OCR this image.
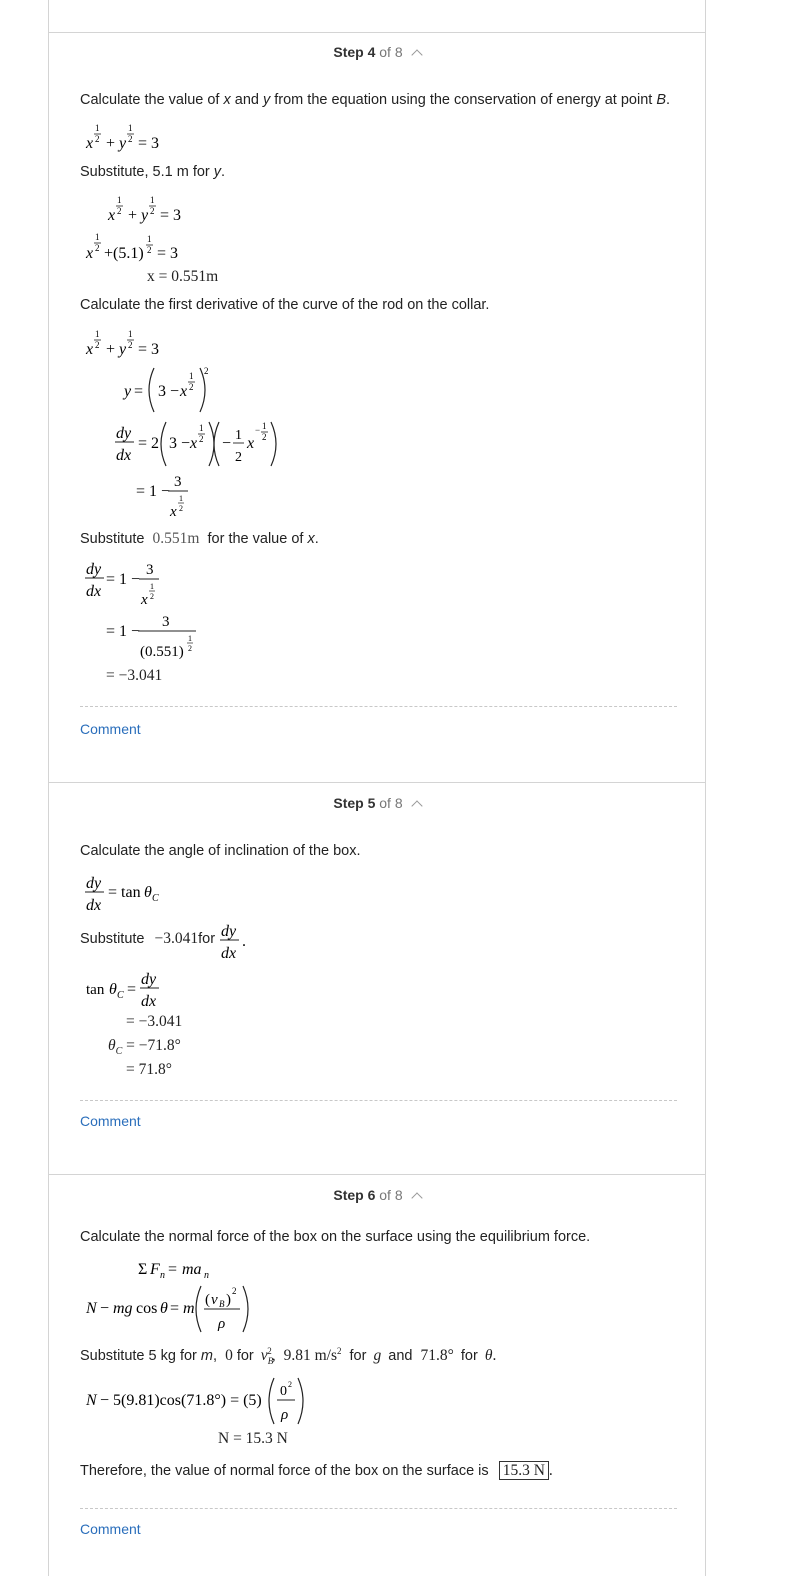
Step 4 of 8
Calculate the value of x and y from the equation using the conservation of energy at point B.
x
1
2 + y
1
2 = 3
Substitute, 5.1 m for y.
x
1
2 + y
1
2 = 3
x
1
2 +(5.1)
1
2 = 3
x = 0.551m
Calculate the first derivative of the curve of the rod on the collar.
x
1
2 + y
1
2 = 3
y = 3 − x
1
2
2
dy
dx
= 2 3 − x
1
2 − 1
2
x
− 1
2
= 1 −
3
x
1
2
Substitute 0.551m for the value of x.
dy
dx
= 1 −
3
x
1
2
= 1 −
3
(0.551)
1
2
= −3.041
Comment
Step 5 of 8
Calculate the angle of inclination of the box.
dy
dx
= tan θ C
Substitute −3.041for dy
dx
.
tan θ C =
dy
dx
= −3.041
$\theta_C = -71.8^\circ$
= 71.8°
Comment
Step 6 of 8
Calculate the normal force of the box on the surface using the equilibrium force.
Σ F n = ma n
N − mg cos θ = m ( v B )
2
ρ
Substitute 5 kg for m, 0 for $v_B^2$, 9.81 $m/s^2$ for g and 71.8° for θ.
N − 5(9.81)cos(71.8°) = (5)
0 2
ρ
N = 15.3 N
Therefore, the value of normal force of the box on the surface is 15.3 N .
Comment
